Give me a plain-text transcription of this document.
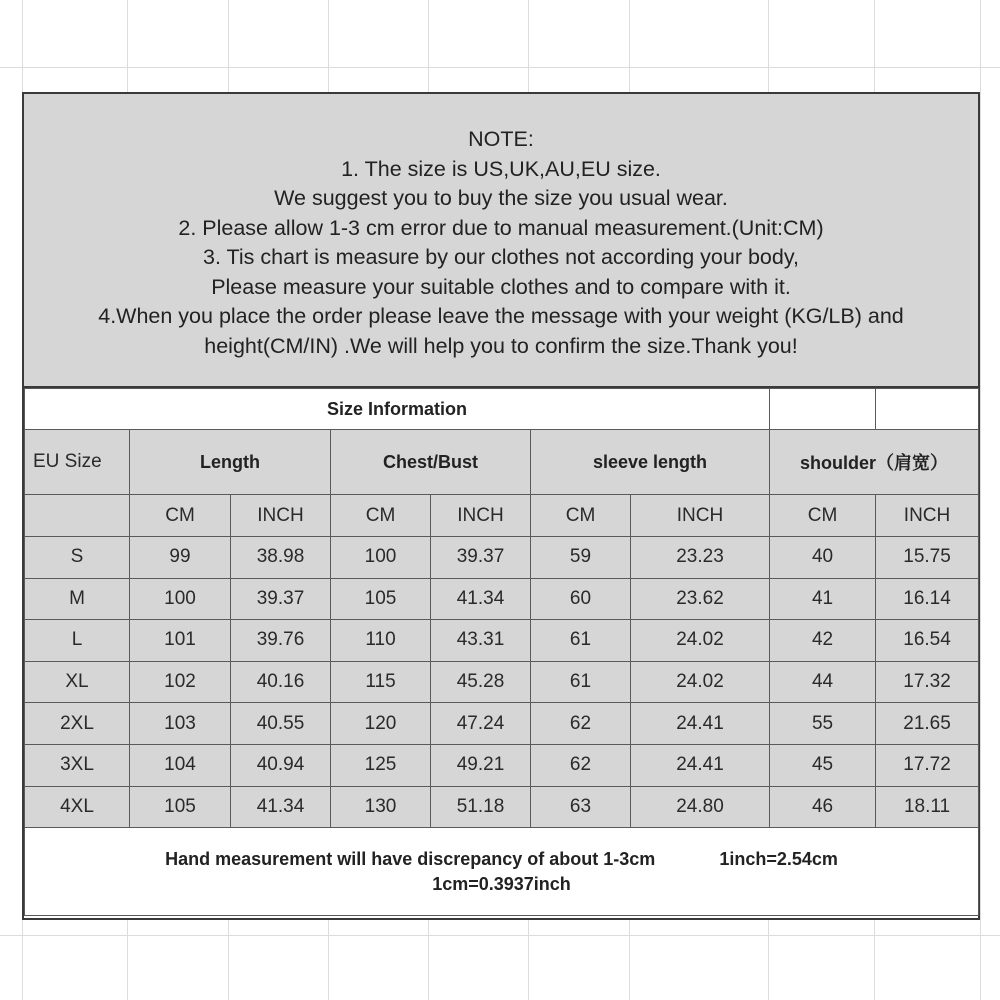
NOTE:
1. The size is US,UK,AU,EU size.
We suggest you to buy the size you usual wear.
2. Please allow 1-3 cm error due to manual measurement.(Unit:CM)
3. Tis chart is measure by our clothes not according your body,
Please measure your suitable clothes and to compare with it.
4.When you place the order please leave the message with your weight (KG/LB) and
height(CM/IN) .We will help you to confirm the size.Thank you!
Size Information								
EU Size	Length		Chest/Bust		sleeve length		shoulder（肩宽）	
	CM	INCH	CM	INCH	CM	INCH	CM	INCH
S	99	38.98	100	39.37	59	23.23	40	15.75
M	100	39.37	105	41.34	60	23.62	41	16.14
L	101	39.76	110	43.31	61	24.02	42	16.54
XL	102	40.16	115	45.28	61	24.02	44	17.32
2XL	103	40.55	120	47.24	62	24.41	55	21.65
3XL	104	40.94	125	49.21	62	24.41	45	17.72
4XL	105	41.34	130	51.18	63	24.80	46	18.11

Hand measurement will have discrepancy of about 1-3cm 1inch=2.54cm
1cm=0.3937inch								
